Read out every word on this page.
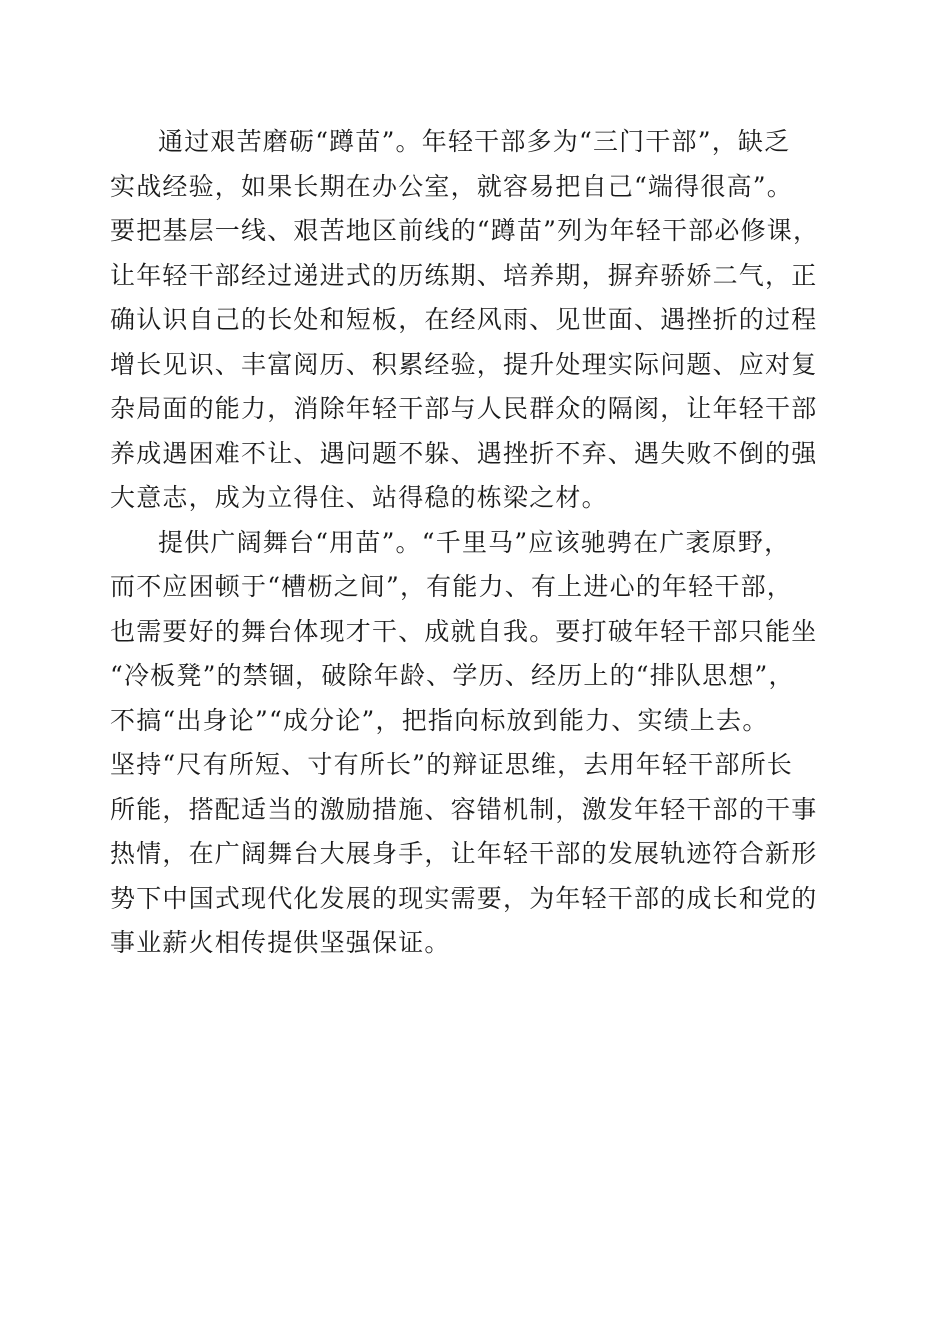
通过艰苦磨砺“蹲苗”。年轻干部多为“三门干部”，缺乏
实战经验，如果长期在办公室，就容易把自己“端得很高”。
要把基层一线、艰苦地区前线的“蹲苗”列为年轻干部必修课，
让年轻干部经过递进式的历练期、培养期，摒弃骄娇二气，正
确认识自己的长处和短板，在经风雨、见世面、遇挫折的过程
增长见识、丰富阅历、积累经验，提升处理实际问题、应对复
杂局面的能力，消除年轻干部与人民群众的隔阂，让年轻干部
养成遇困难不让、遇问题不躲、遇挫折不弃、遇失败不倒的强
大意志，成为立得住、站得稳的栋梁之材。
提供广阔舞台“用苗”。“千里马”应该驰骋在广袤原野，
而不应困顿于“槽枥之间”，有能力、有上进心的年轻干部，
也需要好的舞台体现才干、成就自我。要打破年轻干部只能坐
“冷板凳”的禁锢，破除年龄、学历、经历上的“排队思想”，
不搞“出身论”“成分论”，把指向标放到能力、实绩上去。
坚持“尺有所短、寸有所长”的辩证思维，去用年轻干部所长
所能，搭配适当的激励措施、容错机制，激发年轻干部的干事
热情，在广阔舞台大展身手，让年轻干部的发展轨迹符合新形
势下中国式现代化发展的现实需要，为年轻干部的成长和党的
事业薪火相传提供坚强保证。
